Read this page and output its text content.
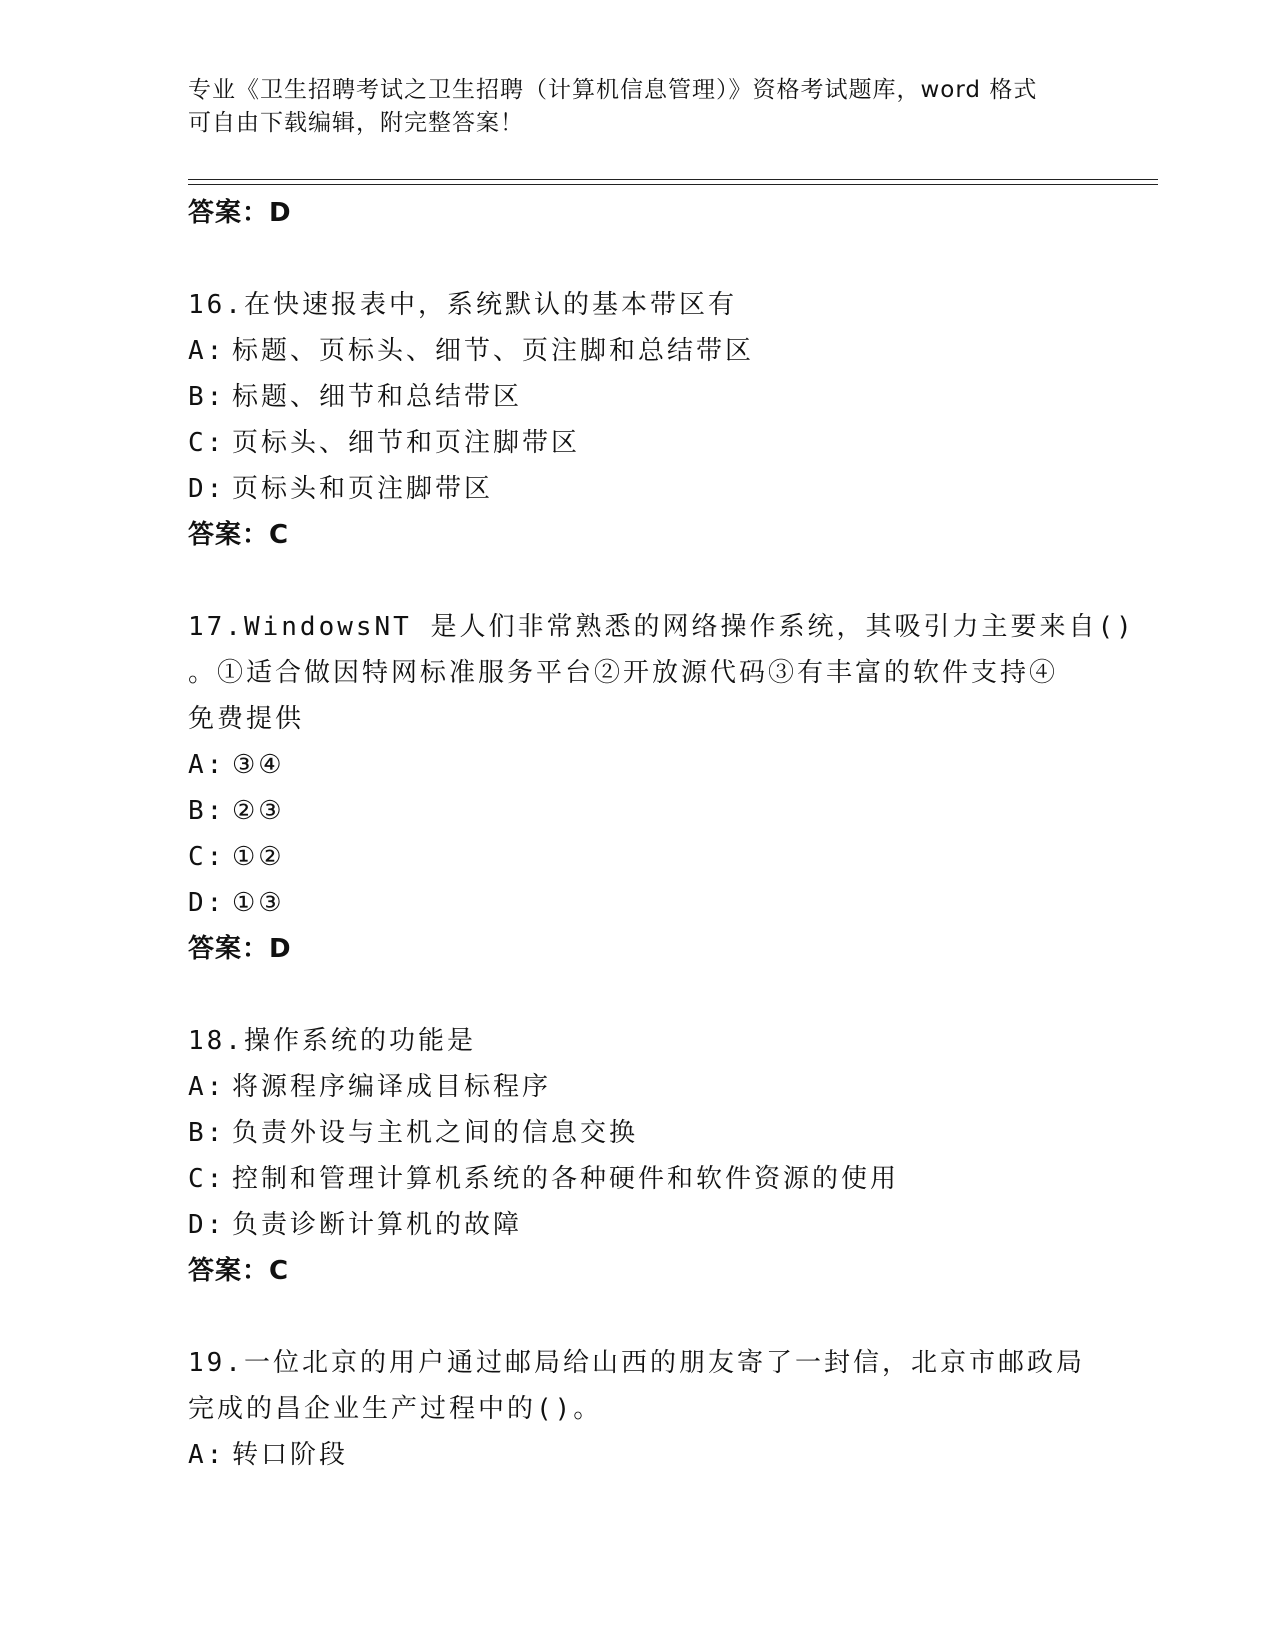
专业《卫生招聘考试之卫生招聘（计算机信息管理）》资格考试题库，word 格式
可自由下载编辑，附完整答案！
答案：D
16.在快速报表中，系统默认的基本带区有
A: 标题、页标头、细节、页注脚和总结带区
B: 标题、细节和总结带区
C: 页标头、细节和页注脚带区
D: 页标头和页注脚带区
答案：C
17.WindowsNT 是人们非常熟悉的网络操作系统，其吸引力主要来自()
。①适合做因特网标准服务平台②开放源代码③有丰富的软件支持④
免费提供
A: ③④
B: ②③
C: ①②
D: ①③
答案：D
18.操作系统的功能是
A: 将源程序编译成目标程序
B: 负责外设与主机之间的信息交换
C: 控制和管理计算机系统的各种硬件和软件资源的使用
D: 负责诊断计算机的故障
答案：C
19.一位北京的用户通过邮局给山西的朋友寄了一封信，北京市邮政局
完成的昌企业生产过程中的()。
A: 转口阶段
